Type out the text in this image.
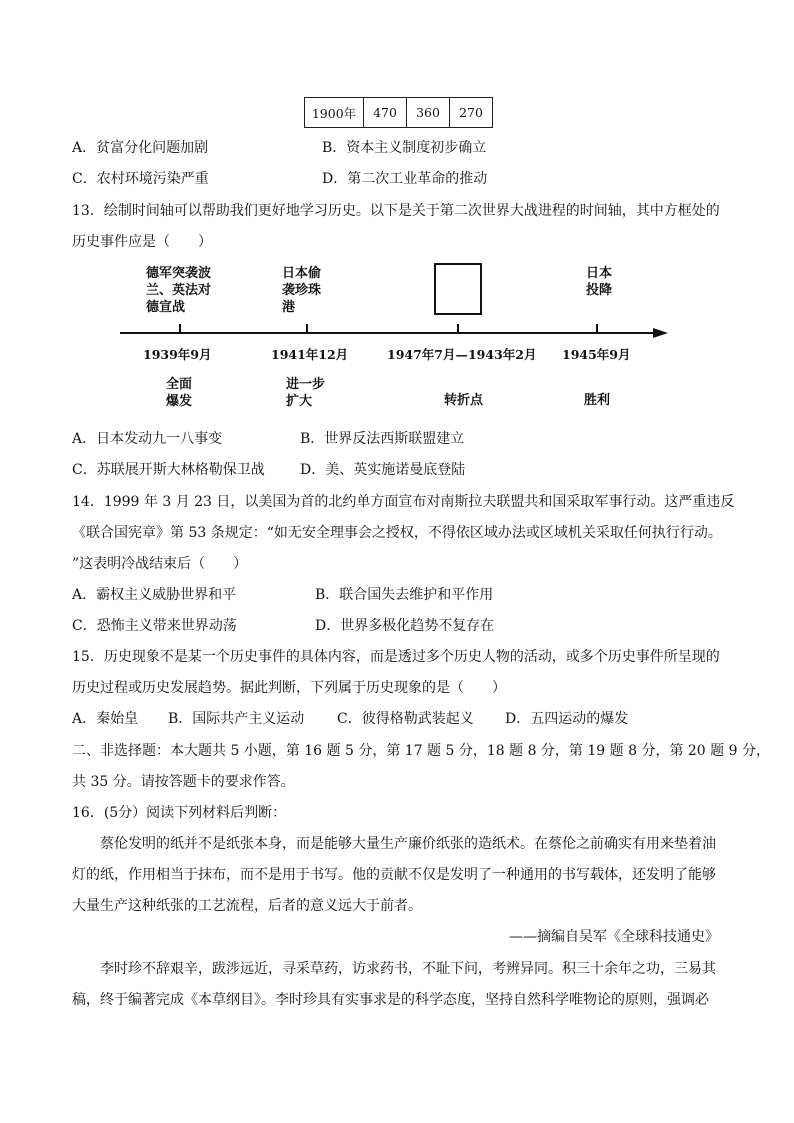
1900年	470	360	270
A．贫富分化问题加剧	B．资本主义制度初步确立
C．农村环境污染严重	D．第二次工业革命的推动
13．绘制时间轴可以帮助我们更好地学习历史。以下是关于第二次世界大战进程的时间轴，其中方框处的
历史事件应是（　　）
德军突袭波
兰、英法对
德宣战
日本偷
袭珍珠
港
日本
投降
1939年9月	1941年12月	1947年7月—1943年2月 1945年9月
全面
爆发
进一步
扩大	转折点	胜利
A．日本发动九一八事变	B．世界反法西斯联盟建立
C．苏联展开斯大林格勒保卫战	D．美、英实施诺曼底登陆
14．1999 年 3 月 23 日，以美国为首的北约单方面宣布对南斯拉夫联盟共和国采取军事行动。这严重违反
《联合国宪章》第 53 条规定：“如无安全理事会之授权，不得依区域办法或区域机关采取任何执行行动。
”这表明冷战结束后（　　）
A．霸权主义威胁世界和平	B．联合国失去维护和平作用
C．恐怖主义带来世界动荡	D．世界多极化趋势不复存在
15．历史现象不是某一个历史事件的具体内容，而是透过多个历史人物的活动，或多个历史事件所呈现的
历史过程或历史发展趋势。据此判断，下列属于历史现象的是（　　）
A．秦始皇 B．国际共产主义运动 C．彼得格勒武装起义 D．五四运动的爆发
二、非选择题：本大题共 5 小题，第 16 题 5 分，第 17 题 5 分，18 题 8 分，第 19 题 8 分，第 20 题 9 分，
共 35 分。请按答题卡的要求作答。
16．(5分）阅读下列材料后判断：
蔡伦发明的纸并不是纸张本身，而是能够大量生产廉价纸张的造纸术。在蔡伦之前确实有用来垫着油
灯的纸，作用相当于抹布，而不是用于书写。他的贡献不仅是发明了一种通用的书写载体，还发明了能够
大量生产这种纸张的工艺流程，后者的意义远大于前者。
——摘编自吴军《全球科技通史》
李时珍不辞艰辛，跋涉远近，寻采草药，访求药书，不耻下问，考辨异同。积三十余年之功，三易其
稿，终于编著完成《本草纲目》。李时珍具有实事求是的科学态度，坚持自然科学唯物论的原则，强调必
